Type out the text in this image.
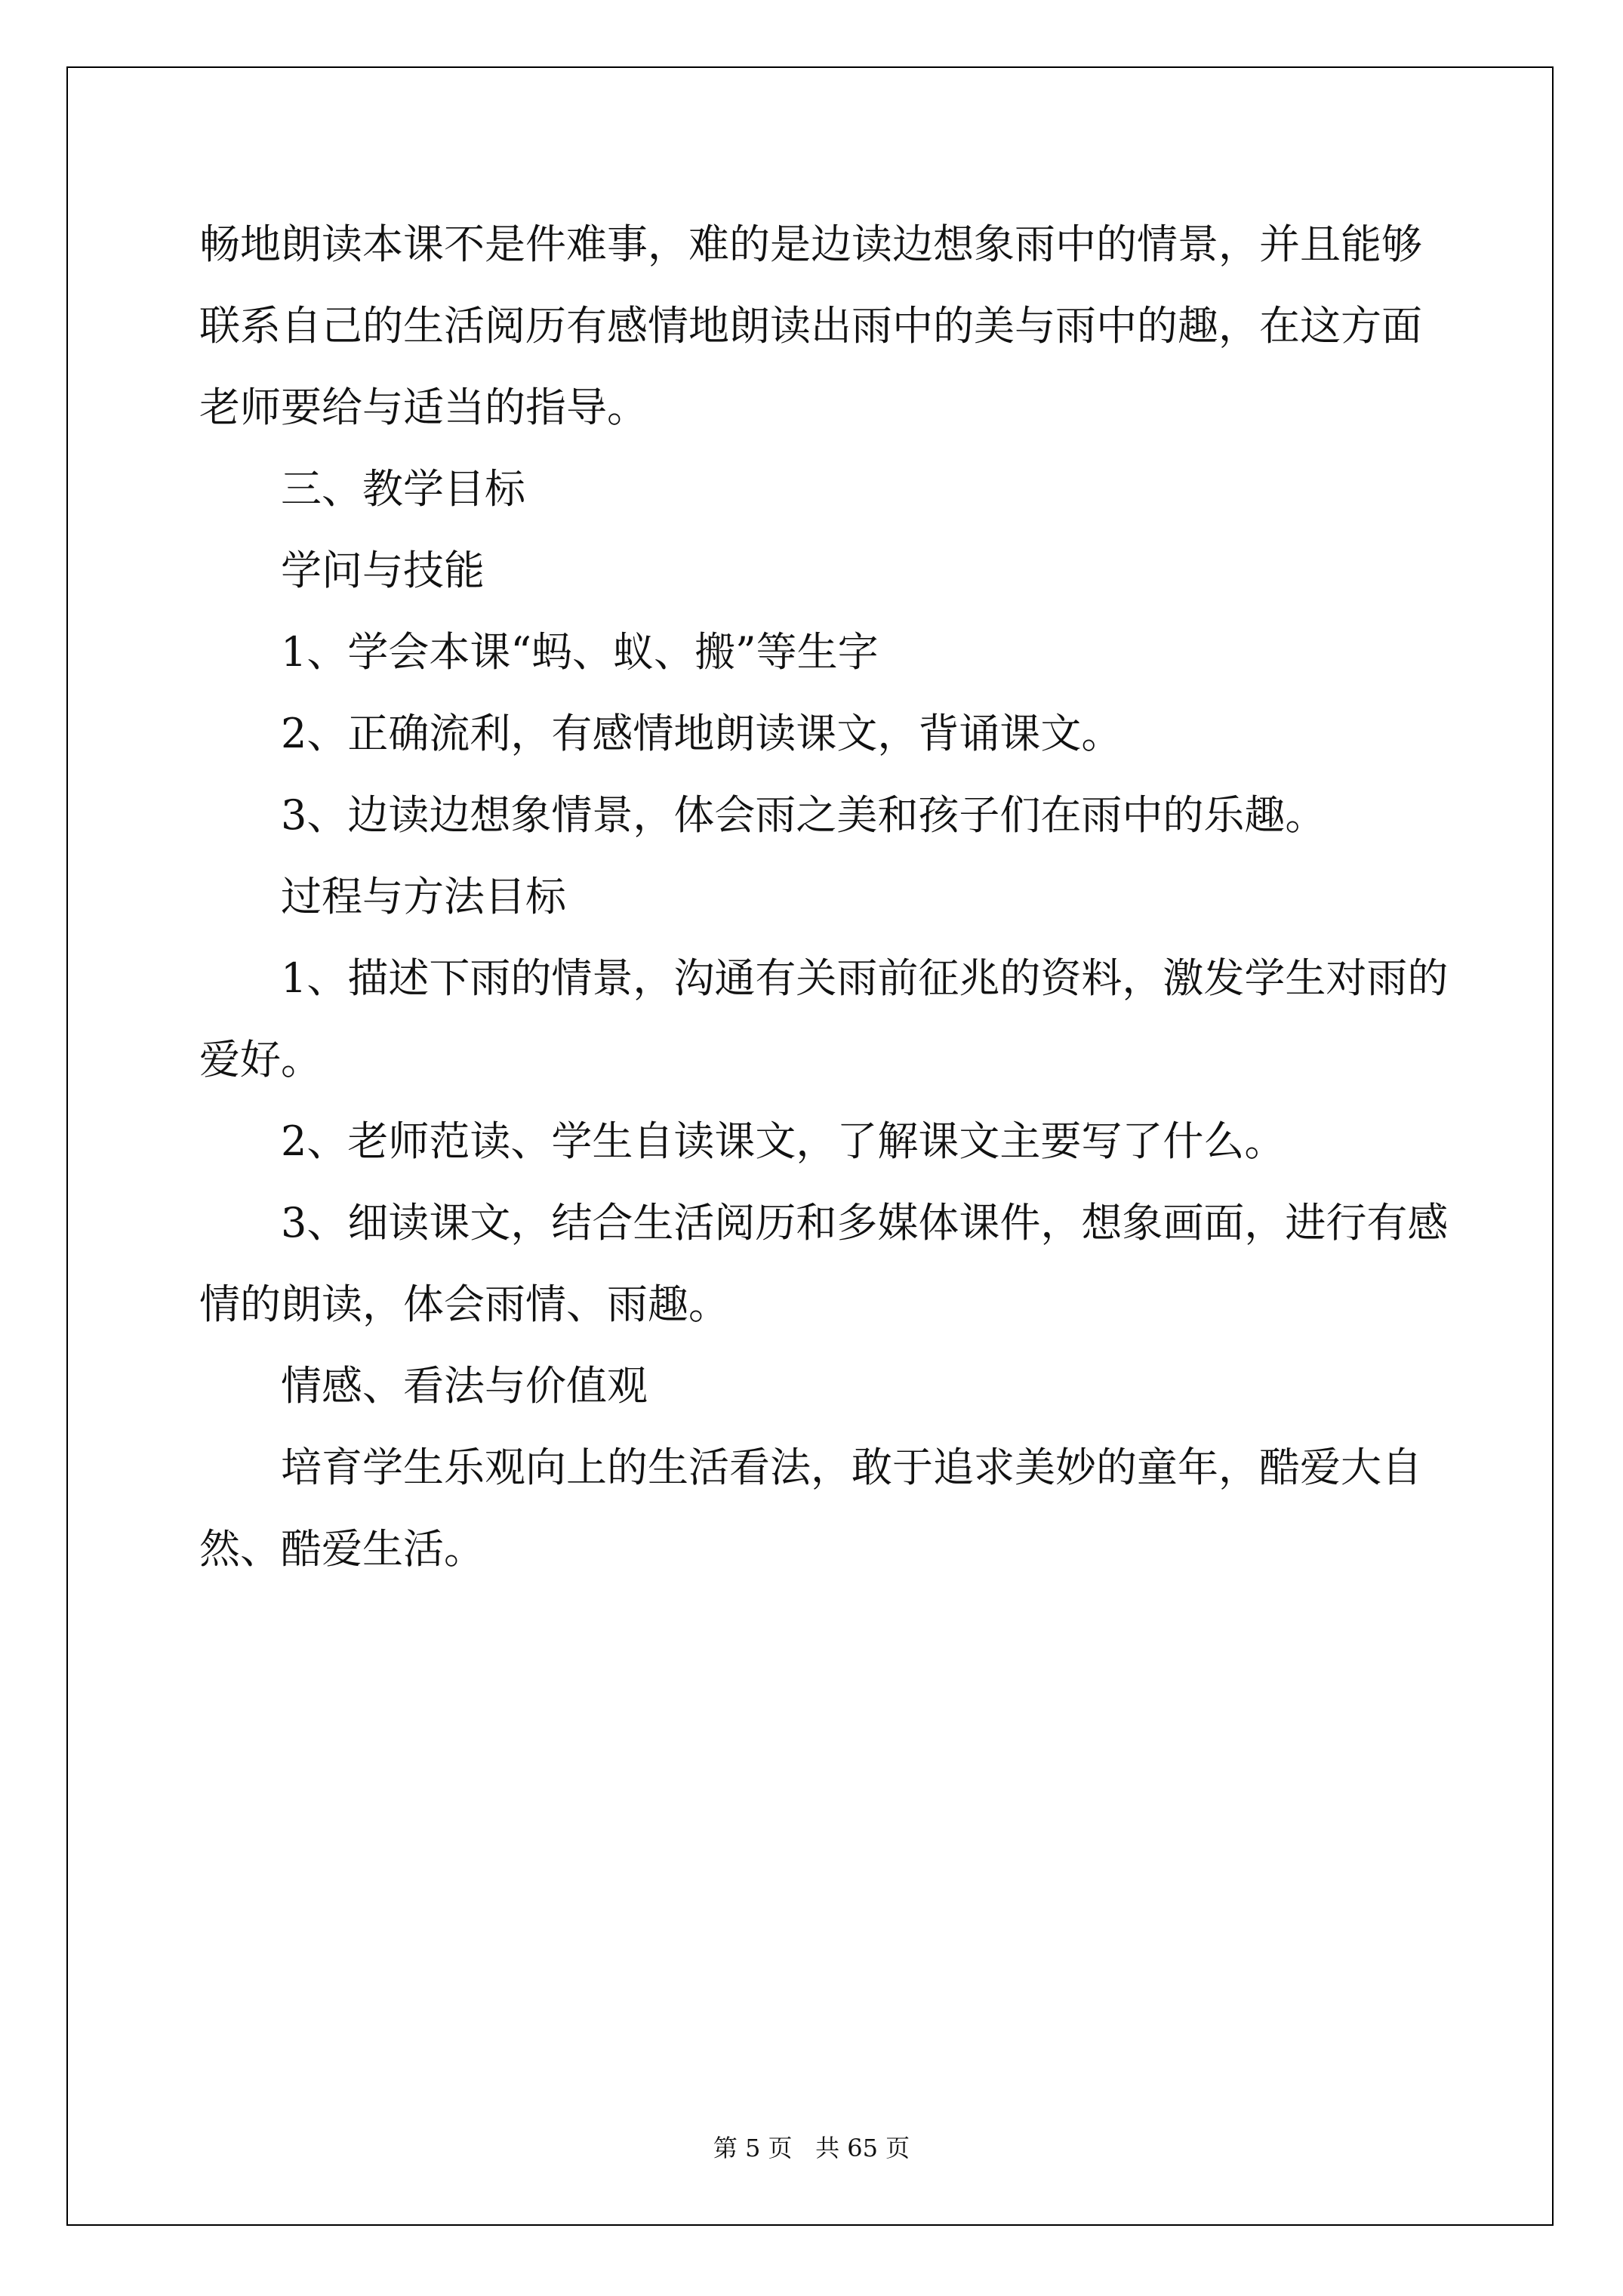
畅地朗读本课不是件难事，难的是边读边想象雨中的情景，并且能够

联系自己的生活阅历有感情地朗读出雨中的美与雨中的趣，在这方面

老师要给与适当的指导。

三、教学目标

学问与技能

1、学会本课“蚂、蚁、搬”等生字

2、正确流利，有感情地朗读课文，背诵课文。

3、边读边想象情景，体会雨之美和孩子们在雨中的乐趣。

过程与方法目标

1、描述下雨的情景，沟通有关雨前征兆的资料，激发学生对雨的

爱好。

2、老师范读、学生自读课文，了解课文主要写了什么。

3、细读课文，结合生活阅历和多媒体课件，想象画面，进行有感

情的朗读，体会雨情、雨趣。

情感、看法与价值观

培育学生乐观向上的生活看法，敢于追求美妙的童年，酷爱大自

然、酷爱生活。

第 5 页   共 65 页
